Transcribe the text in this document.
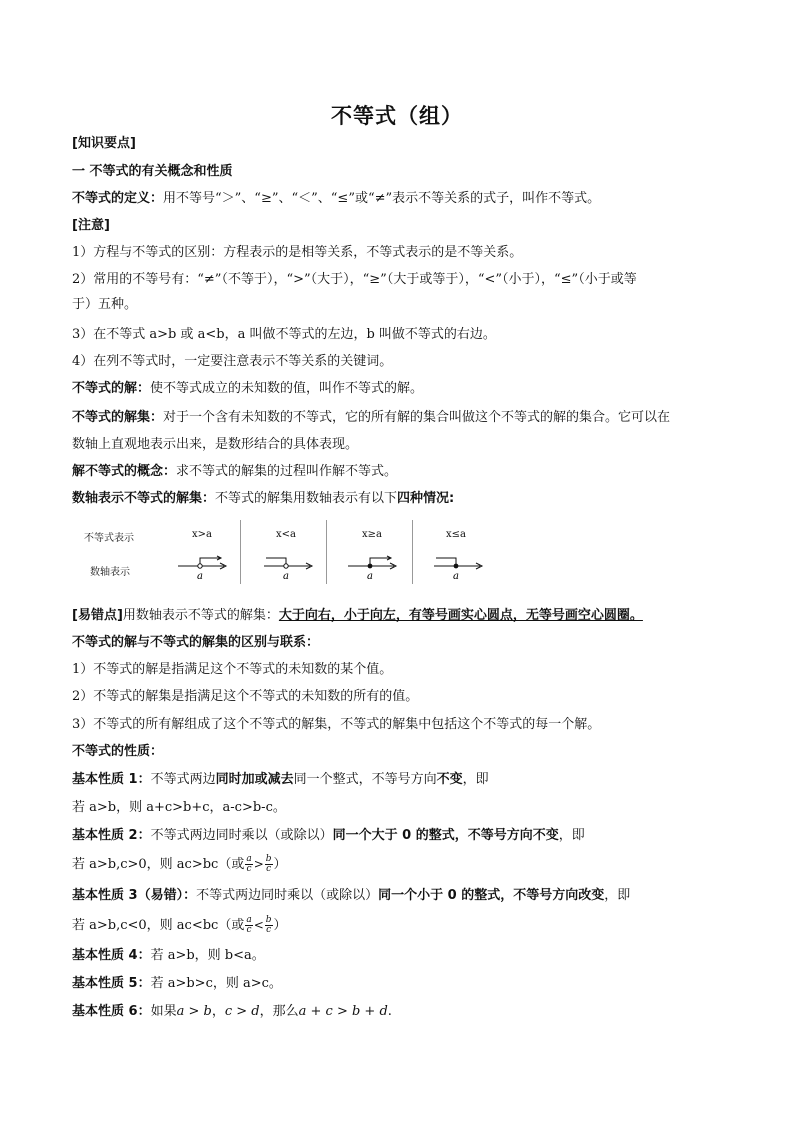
不等式（组）
[知识要点]
一 不等式的有关概念和性质
不等式的定义：用不等号“＞”、“≥”、“＜”、“≤”或“≠”表示不等关系的式子，叫作不等式。
[注意]
1）方程与不等式的区别：方程表示的是相等关系，不等式表示的是不等关系。
2）常用的不等号有：“≠”（不等于），“>”（大于），“≥”（大于或等于），“<”（小于），“≤”（小于或等
于）五种。
3）在不等式 a>b 或 a<b，a 叫做不等式的左边，b 叫做不等式的右边。
4）在列不等式时，一定要注意表示不等关系的关键词。
不等式的解：使不等式成立的未知数的值，叫作不等式的解。
不等式的解集：对于一个含有未知数的不等式，它的所有解的集合叫做这个不等式的解的集合。它可以在
数轴上直观地表示出来，是数形结合的具体表现。
解不等式的概念：求不等式的解集的过程叫作解不等式。
数轴表示不等式的解集：不等式的解集用数轴表示有以下四种情况:
不等式表示
数轴表示
x>a
a
x<a
a
x≥a
a
x≤a
a
[易错点]用数轴表示不等式的解集：大于向右，小于向左，有等号画实心圆点，无等号画空心圆圈。
不等式的解与不等式的解集的区别与联系：
1）不等式的解是指满足这个不等式的未知数的某个值。
2）不等式的解集是指满足这个不等式的未知数的所有的值。
3）不等式的所有解组成了这个不等式的解集，不等式的解集中包括这个不等式的每一个解。
不等式的性质：
基本性质 1：不等式两边同时加或减去同一个整式，不等号方向不变，即
若 a>b，则 a+c>b+c，a-c>b-c。
基本性质 2：不等式两边同时乘以（或除以）同一个大于 0 的整式，不等号方向不变，即
若 a>b,c>0，则 ac>bc（或 $\frac{a}{c} > \frac{b}{c}$ ）
基本性质 3（易错）：不等式两边同时乘以（或除以）同一个小于 0 的整式，不等号方向改变，即
若 a>b,c<0，则 ac<bc（或 $\frac{a}{c} < \frac{b}{c}$ ）
基本性质 4：若 a>b，则 b<a。
基本性质 5：若 a>b>c，则 a>c。
基本性质 6：如果a > b，c > d，那么a + c > b + d.
